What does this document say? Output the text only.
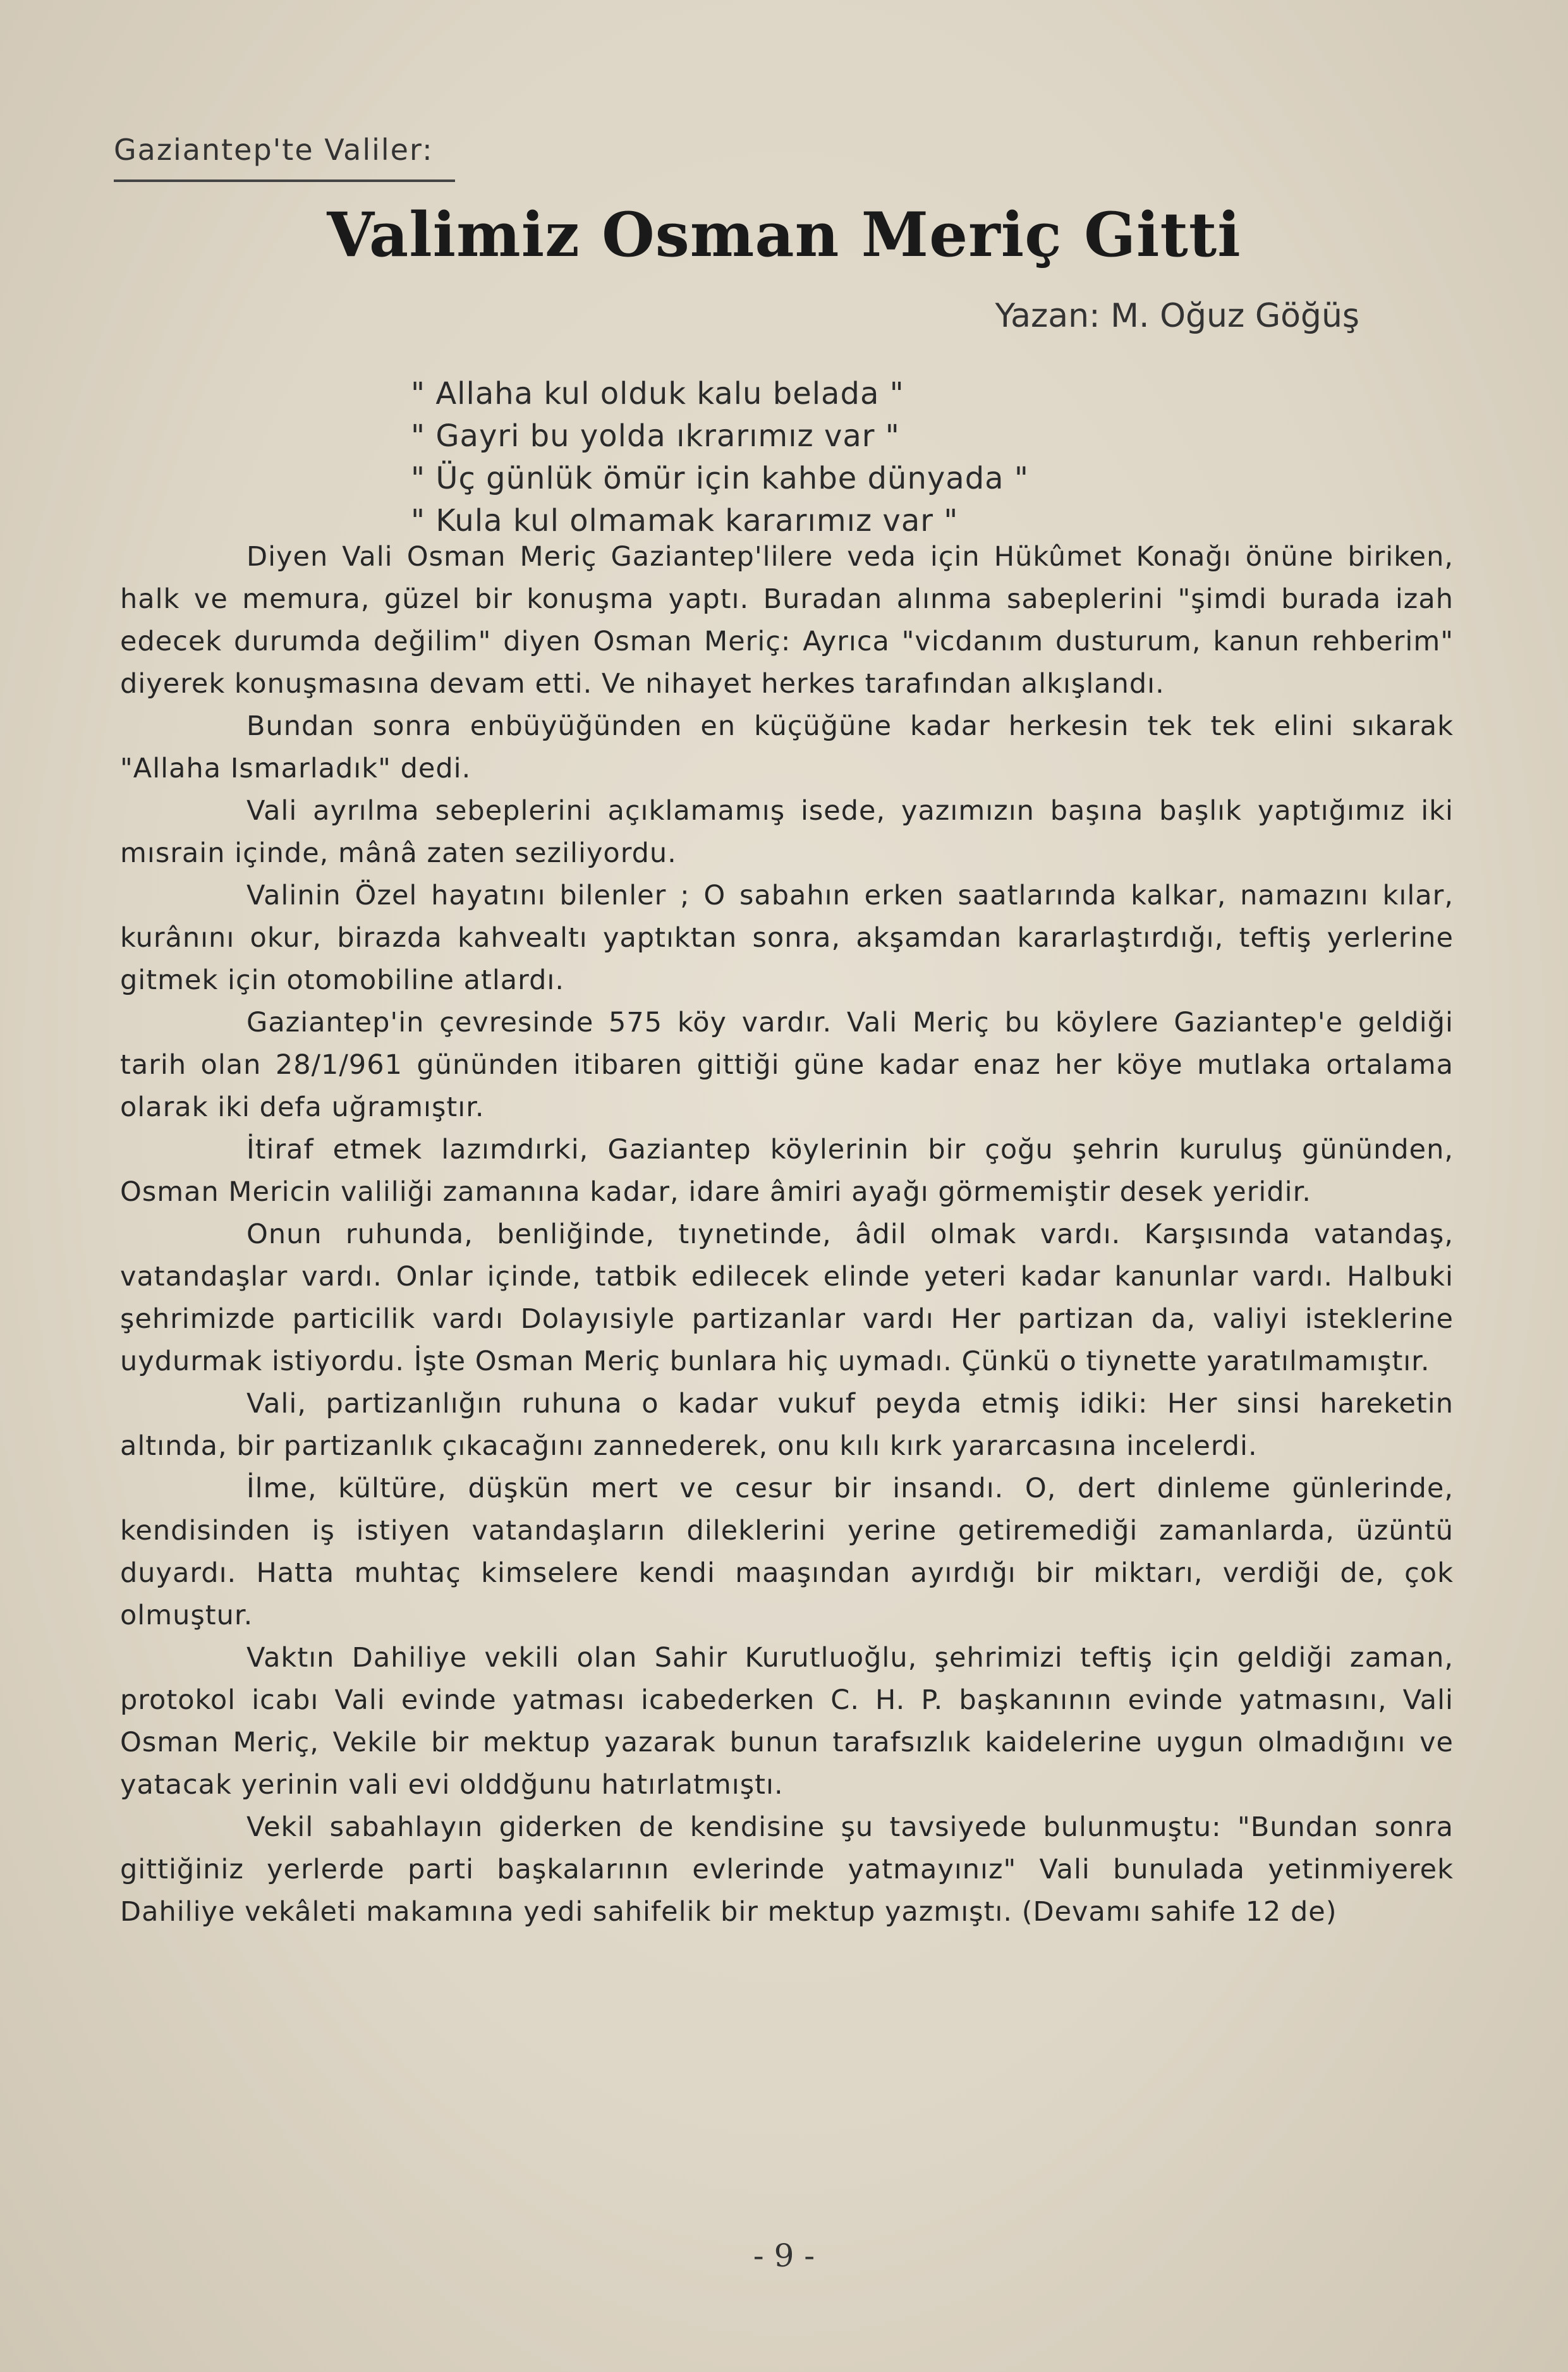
Gaziantep'te Valiler:
Valimiz Osman Meriç Gitti
Yazan: M. Oğuz Göğüş
" Allaha kul olduk kalu belada "
" Gayri bu yolda ıkrarımız var "
" Üç günlük ömür için kahbe dünyada "
" Kula kul olmamak kararımız var "

Diyen Vali Osman Meriç Gaziantep'lilere veda için Hükûmet Konağı önüne biriken, halk ve memura, güzel bir konuşma yaptı. Buradan alınma sabeplerini "şimdi burada izah edecek durumda değilim" diyen Osman Meriç: Ayrıca "vicdanım dusturum, kanun rehberim" diyerek konuşmasına devam etti. Ve nihayet herkes tarafından alkışlandı.

Bundan sonra enbüyüğünden en küçüğüne kadar herkesin tek tek elini sıkarak "Allaha Ismarladık" dedi.

Vali ayrılma sebeplerini açıklamamış isede, yazımızın başına başlık yaptığımız iki mısrain içinde, mânâ zaten seziliyordu.

Valinin Özel hayatını bilenler ; O sabahın erken saatlarında kalkar, namazını kılar, kurânını okur, birazda kahvealtı yaptıktan sonra, akşamdan kararlaştırdığı, teftiş yerlerine gitmek için otomobiline atlardı.

Gaziantep'in çevresinde 575 köy vardır. Vali Meriç bu köylere Gaziantep'e geldiği tarih olan 28/1/961 gününden itibaren gittiği güne kadar enaz her köye mutlaka ortalama olarak iki defa uğramıştır.

İtiraf etmek lazımdırki, Gaziantep köylerinin bir çoğu şehrin kuruluş gününden, Osman Mericin valiliği zamanına kadar, idare âmiri ayağı görmemiştir desek yeridir.

Onun ruhunda, benliğinde, tıynetinde, âdil olmak vardı. Karşısında vatandaş, vatandaşlar vardı. Onlar içinde, tatbik edilecek elinde yeteri kadar kanunlar vardı. Halbuki şehrimizde particilik vardı Dolayısiyle partizanlar vardı Her partizan da, valiyi isteklerine uydurmak istiyordu. İşte Osman Meriç bunlara hiç uymadı. Çünkü o tiynette yaratılmamıştır.

Vali, partizanlığın ruhuna o kadar vukuf peyda etmiş idiki: Her sinsi hareketin altında, bir partizanlık çıkacağını zannederek, onu kılı kırk yararcasına incelerdi.

İlme, kültüre, düşkün mert ve cesur bir insandı. O, dert dinleme günlerinde, kendisinden iş istiyen vatandaşların dileklerini yerine getiremediği zamanlarda, üzüntü duyardı. Hatta muhtaç kimselere kendi maaşından ayırdığı bir miktarı, verdiği de, çok olmuştur.

Vaktın Dahiliye vekili olan Sahir Kurutluoğlu, şehrimizi teftiş için geldiği zaman, protokol icabı Vali evinde yatması icabederken C. H. P. başkanının evinde yatmasını, Vali Osman Meriç, Vekile bir mektup yazarak bunun tarafsızlık kaidelerine uygun olmadığını ve yatacak yerinin vali evi olddğunu hatırlatmıştı.

Vekil sabahlayın giderken de kendisine şu tavsiyede bulunmuştu: "Bundan sonra gittiğiniz yerlerde parti başkalarının evlerinde yatmayınız" Vali bunulada yetinmiyerek Dahiliye vekâleti makamına yedi sahifelik bir mektup yazmıştı. (Devamı sahife 12 de)

- 9 -
